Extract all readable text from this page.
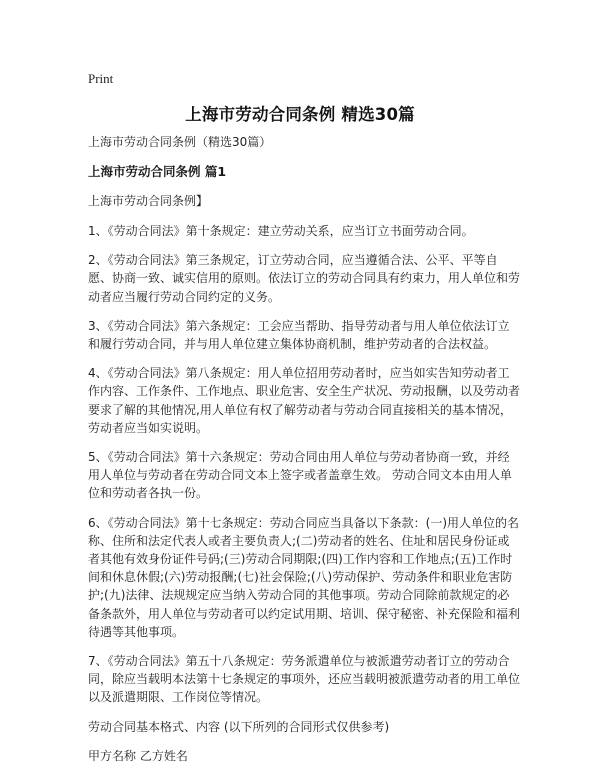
Print
上海市劳动合同条例 精选30篇

上海市劳动合同条例（精选30篇）

上海市劳动合同条例 篇1

上海市劳动合同条例】

1、《劳动合同法》第十条规定：建立劳动关系，应当订立书面劳动合同。

2、《劳动合同法》第三条规定，订立劳动合同，应当遵循合法、公平、平等自愿、协商一致、诚实信用的原则。依法订立的劳动合同具有约束力，用人单位和劳动者应当履行劳动合同约定的义务。

3、《劳动合同法》第六条规定：工会应当帮助、指导劳动者与用人单位依法订立和履行劳动合同，并与用人单位建立集体协商机制，维护劳动者的合法权益。

4、《劳动合同法》第八条规定：用人单位招用劳动者时，应当如实告知劳动者工作内容、工作条件、工作地点、职业危害、安全生产状况、劳动报酬，以及劳动者要求了解的其他情况,用人单位有权了解劳动者与劳动合同直接相关的基本情况，劳动者应当如实说明。

5、《劳动合同法》第十六条规定：劳动合同由用人单位与劳动者协商一致，并经用人单位与劳动者在劳动合同文本上签字或者盖章生效。 劳动合同文本由用人单位和劳动者各执一份。

6、《劳动合同法》第十七条规定：劳动合同应当具备以下条款：(一)用人单位的名称、住所和法定代表人或者主要负责人;(二)劳动者的姓名、住址和居民身份证或者其他有效身份证件号码;(三)劳动合同期限;(四)工作内容和工作地点;(五)工作时间和休息休假;(六)劳动报酬;(七)社会保险;(八)劳动保护、劳动条件和职业危害防护;(九)法律、法规规定应当纳入劳动合同的其他事项。劳动合同除前款规定的必备条款外，用人单位与劳动者可以约定试用期、培训、保守秘密、补充保险和福利待遇等其他事项。

7、《劳动合同法》第五十八条规定：劳务派遣单位与被派遣劳动者订立的劳动合同，除应当载明本法第十七条规定的事项外，还应当载明被派遣劳动者的用工单位以及派遣期限、工作岗位等情况。

劳动合同基本格式、内容 (以下所列的合同形式仅供参考)

甲方名称 乙方姓名
